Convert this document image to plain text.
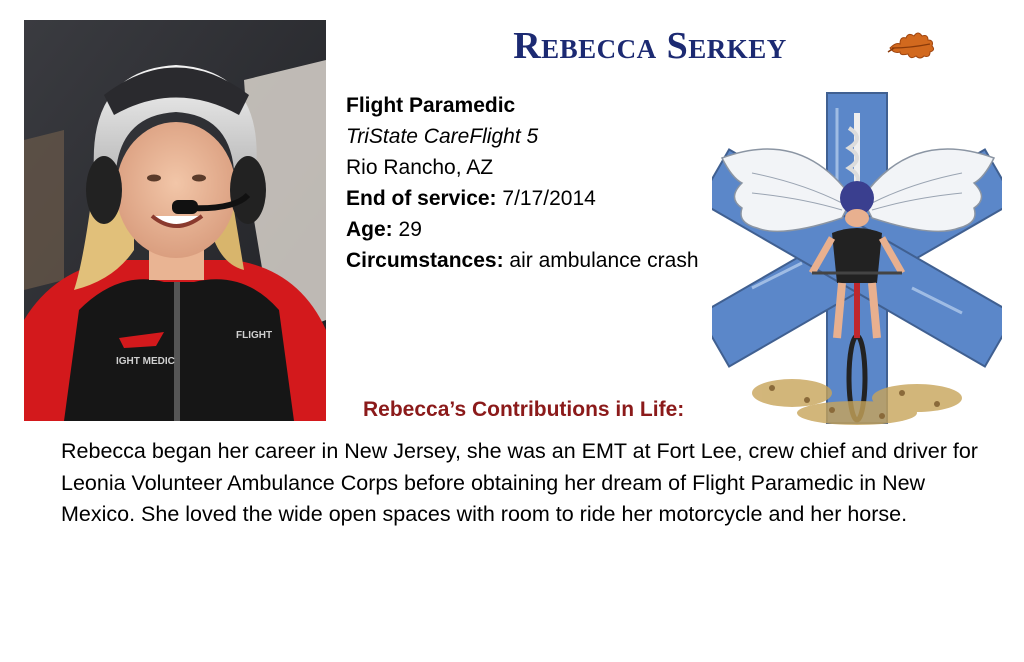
IGHT MEDIC
FLIGHT
Rebecca Serkey
Flight Paramedic
TriState CareFlight 5
Rio Rancho, AZ
End of service: 7/17/2014
Age: 29
Circumstances: air ambulance crash
Rebecca’s Contributions in Life:
Rebecca began her career in New Jersey, she was an EMT at Fort Lee, crew chief and driver for Leonia Volunteer Ambulance Corps before obtaining her dream of Flight Paramedic in New Mexico. She loved the wide open spaces with room to ride her motorcycle and her horse.
